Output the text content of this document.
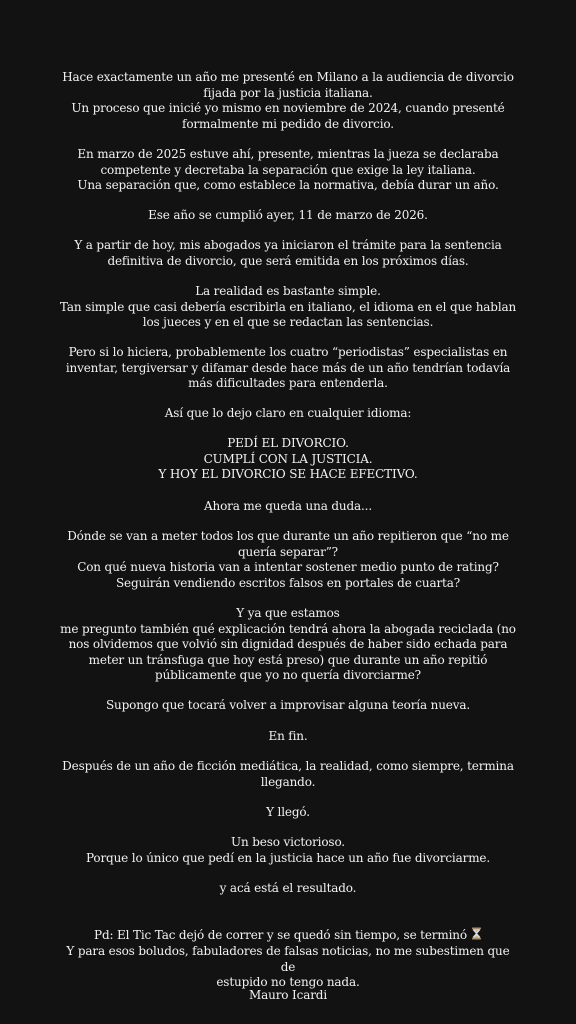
Hace exactamente un año me presenté en Milano a la audiencia de divorcio
fijada por la justicia italiana.
Un proceso que inicié yo mismo en noviembre de 2024, cuando presenté
formalmente mi pedido de divorcio.

En marzo de 2025 estuve ahí, presente, mientras la jueza se declaraba
competente y decretaba la separación que exige la ley italiana.
Una separación que, como establece la normativa, debía durar un año.

Ese año se cumplió ayer, 11 de marzo de 2026.

Y a partir de hoy, mis abogados ya iniciaron el trámite para la sentencia
definitiva de divorcio, que será emitida en los próximos días.

La realidad es bastante simple.
Tan simple que casi debería escribirla en italiano, el idioma en el que hablan
los jueces y en el que se redactan las sentencias.

Pero si lo hiciera, probablemente los cuatro “periodistas” especialistas en
inventar, tergiversar y difamar desde hace más de un año tendrían todavía
más dificultades para entenderla.

Así que lo dejo claro en cualquier idioma:

PEDÍ EL DIVORCIO.
CUMPLÍ CON LA JUSTICIA.
Y HOY EL DIVORCIO SE HACE EFECTIVO.

Ahora me queda una duda...

Dónde se van a meter todos los que durante un año repitieron que “no me
quería separar”?
Con qué nueva historia van a intentar sostener medio punto de rating?
Seguirán vendiendo escritos falsos en portales de cuarta?

Y ya que estamos
me pregunto también qué explicación tendrá ahora la abogada reciclada (no
nos olvidemos que volvió sin dignidad después de haber sido echada para
meter un tránsfuga que hoy está preso) que durante un año repitió
públicamente que yo no quería divorciarme?

Supongo que tocará volver a improvisar alguna teoría nueva.

En fin.

Después de un año de ficción mediática, la realidad, como siempre, termina
llegando.

Y llegó.

Un beso victorioso.
Porque lo único que pedí en la justicia hace un año fue divorciarme.

y acá está el resultado.

Pd: El Tic Tac dejó de correr y se quedó sin tiempo, se terminó

Y para esos boludos, fabuladores de falsas noticias, no me subestimen que de
estupido no tengo nada.

Mauro Icardi
